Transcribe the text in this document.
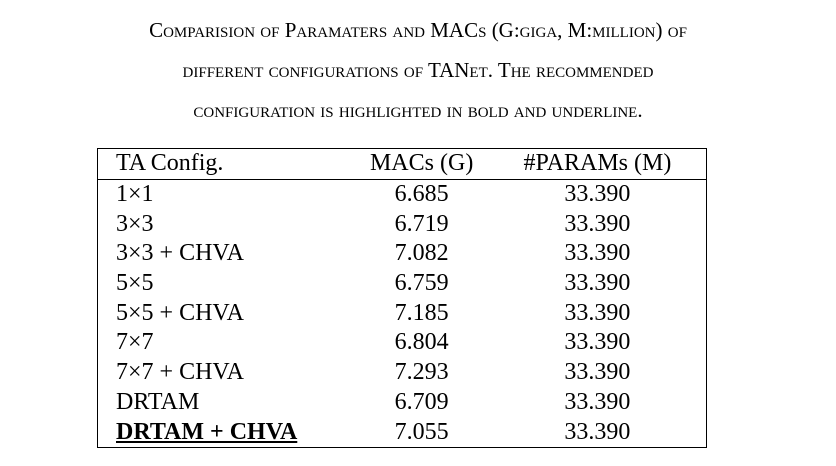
Comparision of Paramaters and MACs (G:giga, M:million) of
different configurations of TANet. The recommended
configuration is highlighted in bold and underline.
TA Config.	MACs (G)	#PARAMs (M)
1×1	6.685	33.390
3×3	6.719	33.390
3×3 + CHVA	7.082	33.390
5×5	6.759	33.390
5×5 + CHVA	7.185	33.390
7×7	6.804	33.390
7×7 + CHVA	7.293	33.390
DRTAM	6.709	33.390
DRTAM + CHVA	7.055	33.390
